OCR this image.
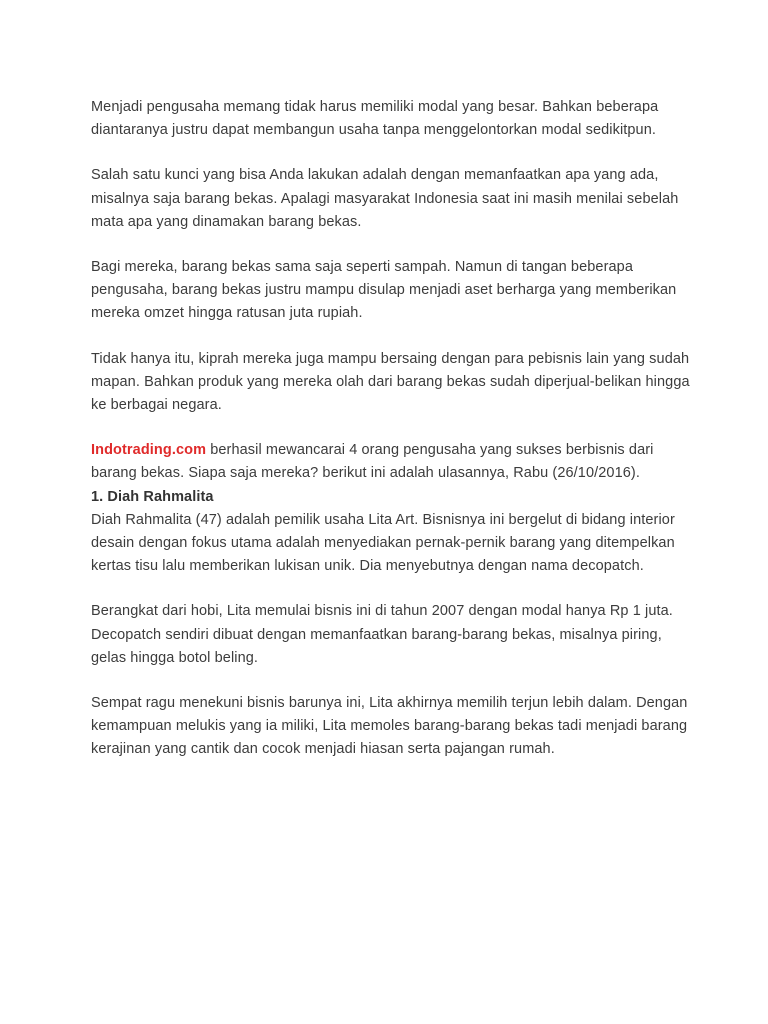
Menjadi pengusaha memang tidak harus memiliki modal yang besar. Bahkan beberapa diantaranya justru dapat membangun usaha tanpa menggelontorkan modal sedikitpun.

Salah satu kunci yang bisa Anda lakukan adalah dengan memanfaatkan apa yang ada, misalnya saja barang bekas. Apalagi masyarakat Indonesia saat ini masih menilai sebelah mata apa yang dinamakan barang bekas.

Bagi mereka, barang bekas sama saja seperti sampah. Namun di tangan beberapa pengusaha, barang bekas justru mampu disulap menjadi aset berharga yang memberikan mereka omzet hingga ratusan juta rupiah.

Tidak hanya itu, kiprah mereka juga mampu bersaing dengan para pebisnis lain yang sudah mapan. Bahkan produk yang mereka olah dari barang bekas sudah diperjual-belikan hingga ke berbagai negara.

Indotrading.com berhasil mewancarai 4 orang pengusaha yang sukses berbisnis dari barang bekas. Siapa saja mereka? berikut ini adalah ulasannya, Rabu (26/10/2016).

1. Diah Rahmalita

Diah Rahmalita (47) adalah pemilik usaha Lita Art. Bisnisnya ini bergelut di bidang interior desain dengan fokus utama adalah menyediakan pernak-pernik barang yang ditempelkan kertas tisu lalu memberikan lukisan unik. Dia menyebutnya dengan nama decopatch.

Berangkat dari hobi, Lita memulai bisnis ini di tahun 2007 dengan modal hanya Rp 1 juta. Decopatch sendiri dibuat dengan memanfaatkan barang-barang bekas, misalnya piring, gelas hingga botol beling.

Sempat ragu menekuni bisnis barunya ini, Lita akhirnya memilih terjun lebih dalam. Dengan kemampuan melukis yang ia miliki, Lita memoles barang-barang bekas tadi menjadi barang kerajinan yang cantik dan cocok menjadi hiasan serta pajangan rumah.
